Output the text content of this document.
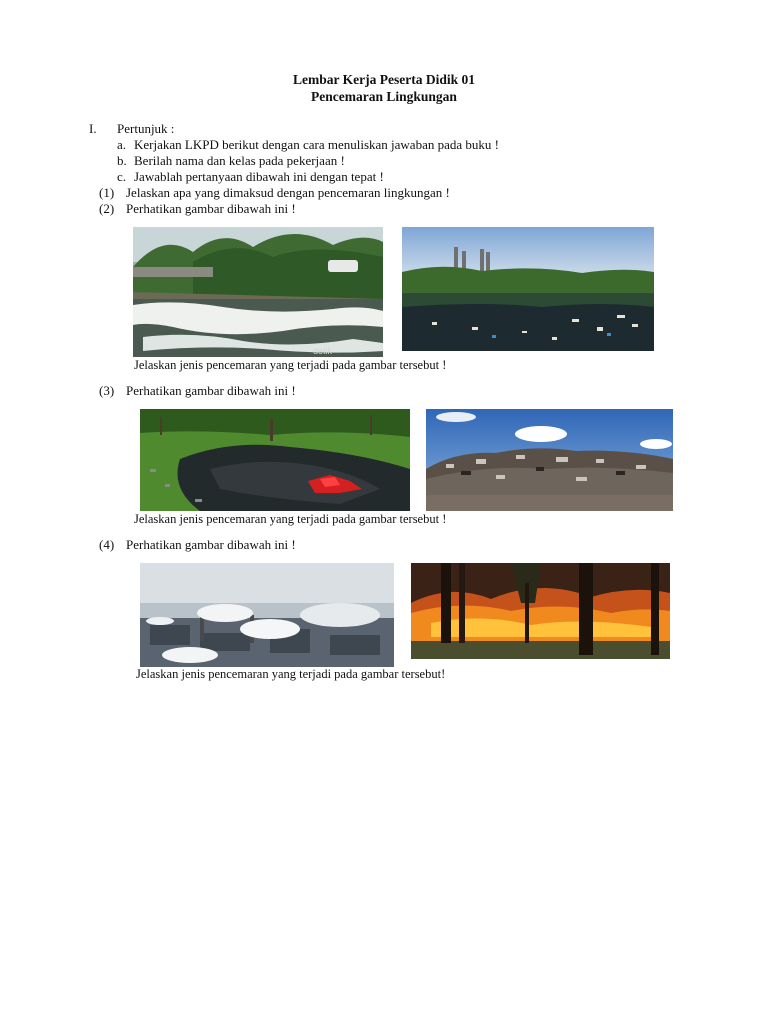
Lembar Kerja Peserta Didik 01
Pencemaran Lingkungan
I. Pertunjuk :
a. Kerjakan LKPD berikut dengan cara menuliskan jawaban pada buku !
b. Berilah nama dan kelas pada pekerjaan !
c. Jawablah pertanyaan dibawah ini dengan tepat !
(1) Jelaskan apa yang dimaksud dengan pencemaran lingkungan !
(2) Perhatikan gambar dibawah ini !
detik
Jelaskan jenis pencemaran yang terjadi pada gambar tersebut !
(3) Perhatikan gambar dibawah ini !
Jelaskan jenis pencemaran yang terjadi pada gambar tersebut !
(4) Perhatikan gambar dibawah ini !
Jelaskan jenis pencemaran yang terjadi pada gambar tersebut!
